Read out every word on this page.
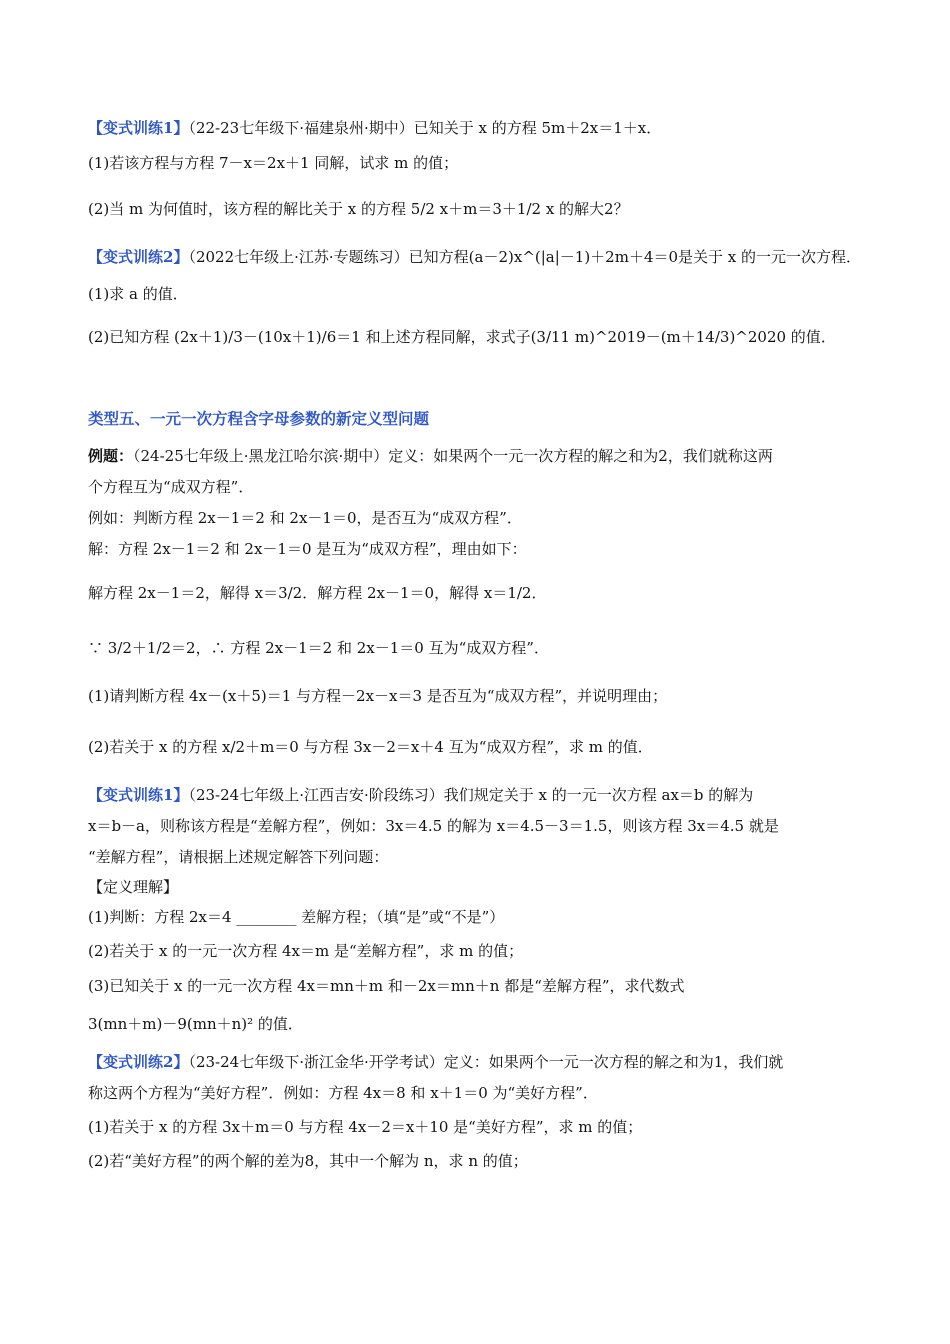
【变式训练1】（22-23七年级下·福建泉州·期中）已知关于 x 的方程 5m＋2x＝1＋x．
(1)若该方程与方程 7－x＝2x＋1 同解，试求 m 的值；
(2)当 m 为何值时，该方程的解比关于 x 的方程 5/2 x＋m＝3＋1/2 x 的解大2？
【变式训练2】（2022七年级上·江苏·专题练习）已知方程(a－2)x^(|a|－1)＋2m＋4＝0是关于 x 的一元一次方程．
(1)求 a 的值．
(2)已知方程 (2x＋1)/3－(10x＋1)/6＝1 和上述方程同解，求式子(3/11 m)^2019－(m＋14/3)^2020 的值．
类型五、一元一次方程含字母参数的新定义型问题
例题：（24-25七年级上·黑龙江哈尔滨·期中）定义：如果两个一元一次方程的解之和为2，我们就称这两
个方程互为“成双方程”．
例如：判断方程 2x－1＝2 和 2x－1＝0，是否互为“成双方程”．
解：方程 2x－1＝2 和 2x－1＝0 是互为“成双方程”，理由如下：
解方程 2x－1＝2，解得 x＝3/2．解方程 2x－1＝0，解得 x＝1/2．
∵ 3/2＋1/2＝2，∴ 方程 2x－1＝2 和 2x－1＝0 互为“成双方程”．
(1)请判断方程 4x－(x＋5)＝1 与方程－2x－x＝3 是否互为“成双方程”，并说明理由；
(2)若关于 x 的方程 x/2＋m＝0 与方程 3x－2＝x＋4 互为“成双方程”，求 m 的值．
【变式训练1】（23-24七年级上·江西吉安·阶段练习）我们规定关于 x 的一元一次方程 ax＝b 的解为
x＝b－a，则称该方程是“差解方程”，例如：3x＝4.5 的解为 x＝4.5－3＝1.5，则该方程 3x＝4.5 就是
“差解方程”，请根据上述规定解答下列问题：
【定义理解】
(1)判断：方程 2x＝4 ________ 差解方程；（填“是”或“不是”）
(2)若关于 x 的一元一次方程 4x＝m 是“差解方程”，求 m 的值；
(3)已知关于 x 的一元一次方程 4x＝mn＋m 和－2x＝mn＋n 都是“差解方程”，求代数式
3(mn＋m)－9(mn＋n)² 的值．
【变式训练2】（23-24七年级下·浙江金华·开学考试）定义：如果两个一元一次方程的解之和为1，我们就
称这两个方程为“美好方程”．例如：方程 4x＝8 和 x＋1＝0 为“美好方程”．
(1)若关于 x 的方程 3x＋m＝0 与方程 4x－2＝x＋10 是“美好方程”，求 m 的值；
(2)若“美好方程”的两个解的差为8，其中一个解为 n，求 n 的值；
